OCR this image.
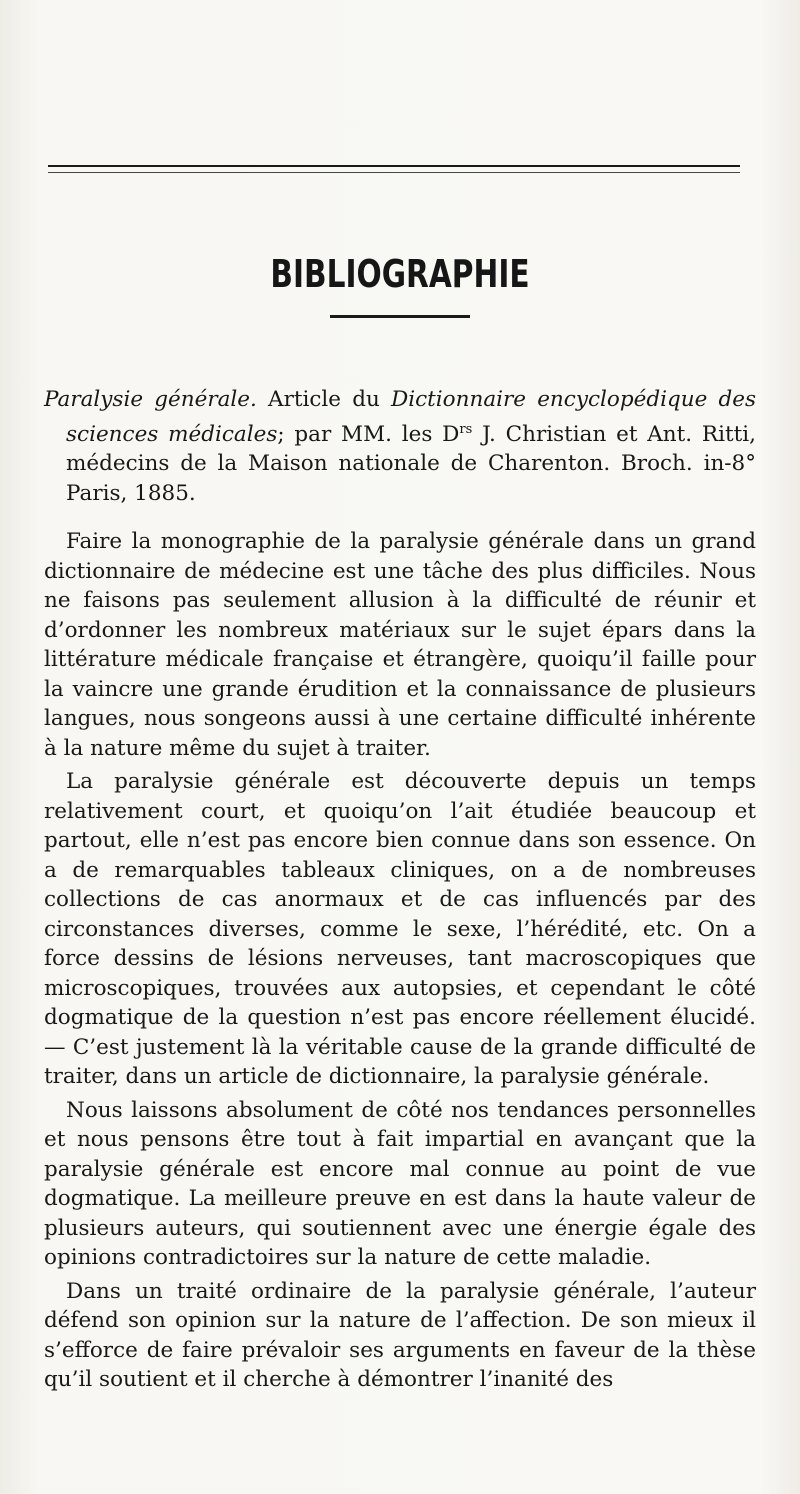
BIBLIOGRAPHIE

Paralysie générale. Article du Dictionnaire encyclopédique des sciences médicales; par MM. les $D^{rs}$ J. Christian et Ant. Ritti, médecins de la Maison nationale de Charenton. Broch. in-8° Paris, 1885.

Faire la monographie de la paralysie générale dans un grand dictionnaire de médecine est une tâche des plus difficiles. Nous ne faisons pas seulement allusion à la difficulté de réunir et d’ordonner les nombreux matériaux sur le sujet épars dans la littérature médicale française et étrangère, quoiqu’il faille pour la vaincre une grande érudition et la connaissance de plusieurs langues, nous songeons aussi à une certaine difficulté inhérente à la nature même du sujet à traiter.

La paralysie générale est découverte depuis un temps relativement court, et quoiqu’on l’ait étudiée beaucoup et partout, elle n’est pas encore bien connue dans son essence. On a de remarquables tableaux cliniques, on a de nombreuses collections de cas anormaux et de cas influencés par des circonstances diverses, comme le sexe, l’hérédité, etc. On a force dessins de lésions nerveuses, tant macroscopiques que microscopiques, trouvées aux autopsies, et cependant le côté dogmatique de la question n’est pas encore réellement élucidé. — C’est justement là la véritable cause de la grande difficulté de traiter, dans un article de dictionnaire, la paralysie générale.

Nous laissons absolument de côté nos tendances personnelles et nous pensons être tout à fait impartial en avançant que la paralysie générale est encore mal connue au point de vue dogmatique. La meilleure preuve en est dans la haute valeur de plusieurs auteurs, qui soutiennent avec une énergie égale des opinions contradictoires sur la nature de cette maladie.

Dans un traité ordinaire de la paralysie générale, l’auteur défend son opinion sur la nature de l’affection. De son mieux il s’efforce de faire prévaloir ses arguments en faveur de la thèse qu’il soutient et il cherche à démontrer l’inanité des
